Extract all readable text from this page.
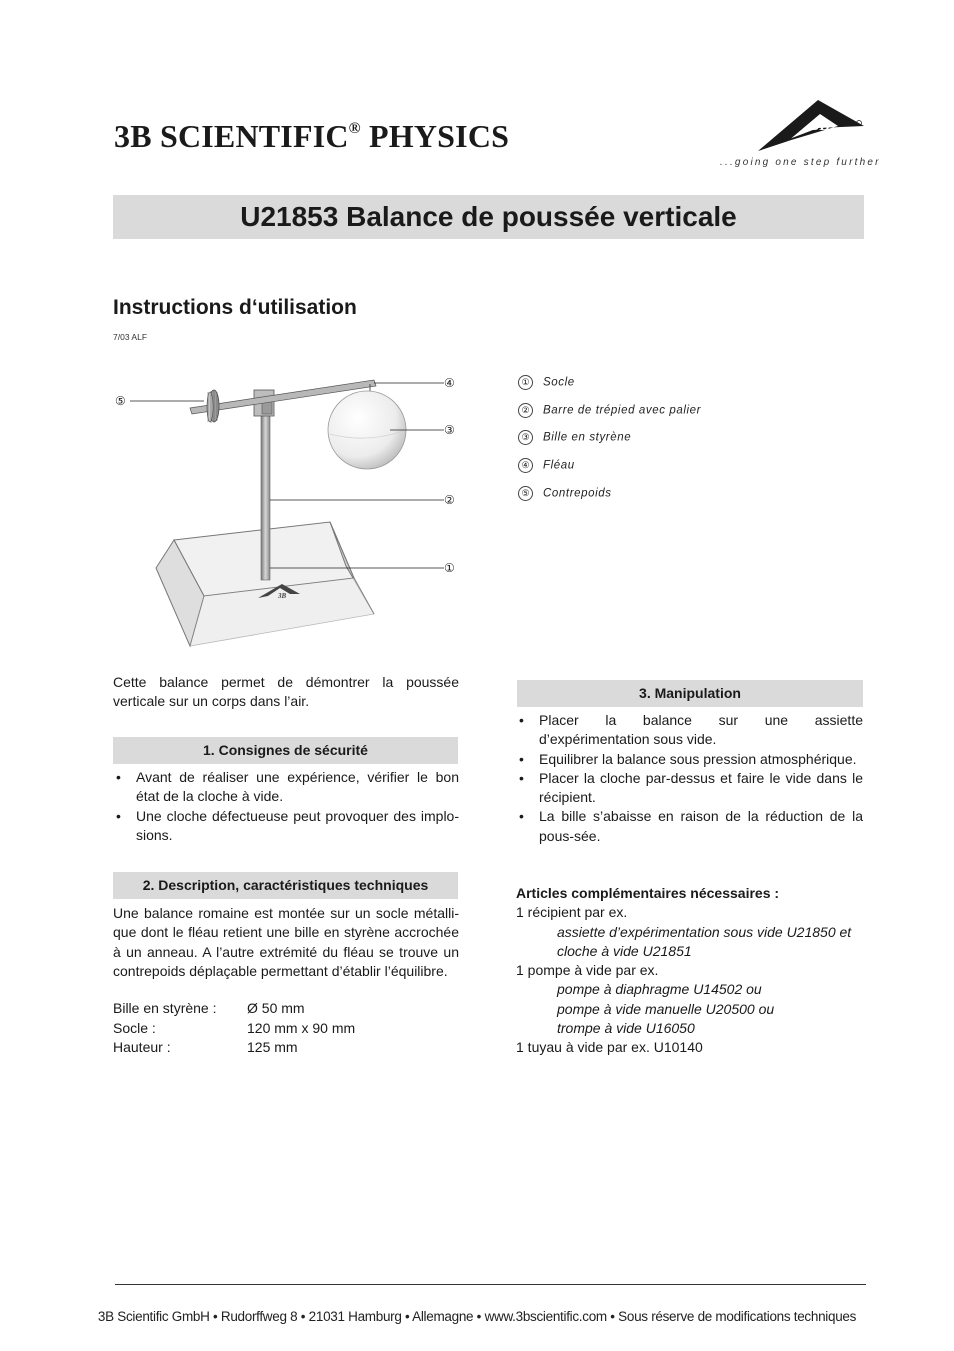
3B SCIENTIFIC® PHYSICS	3B
...going one step further
U21853 Balance de poussée verticale
Instructions d‘utilisation
7/03 ALF
3B
①
②
③
④
⑤
① Socle
② Barre de trépied avec palier
③ Bille en styrène
④ Fléau
⑤ Contrepoids
Cette balance permet de démontrer la poussée verticale sur un corps dans l’air.
1. Consignes de sécurité
• Avant de réaliser une expérience, vérifier le bon état de la cloche à vide.
• Une cloche défectueuse peut provoquer des implo-sions.
2. Description, caractéristiques techniques
Une balance romaine est montée sur un socle métalli-que dont le fléau retient une bille en styrène accrochée à un anneau. A l’autre extrémité du fléau se trouve un contrepoids déplaçable permettant d’établir l’équilibre.
Bille en styrène : Ø 50 mm
Socle :	120 mm x 90 mm
Hauteur :	125 mm
3. Manipulation
• Placer la balance sur une assiette d’expérimentation sous vide.
• Equilibrer la balance sous pression atmosphérique.
• Placer la cloche par-dessus et faire le vide dans le récipient.
• La bille s’abaisse en raison de la réduction de la pous-sée.
Articles complémentaires nécessaires :
1 récipient par ex.
assiette d’expérimentation sous vide U21850 et
cloche à vide U21851
1 pompe à vide par ex.
pompe à diaphragme U14502 ou
pompe à vide manuelle U20500 ou
trompe à vide U16050
1 tuyau à vide par ex. U10140
3B Scientific GmbH • Rudorffweg 8 • 21031 Hamburg • Allemagne • www.3bscientific.com • Sous réserve de modifications techniques
